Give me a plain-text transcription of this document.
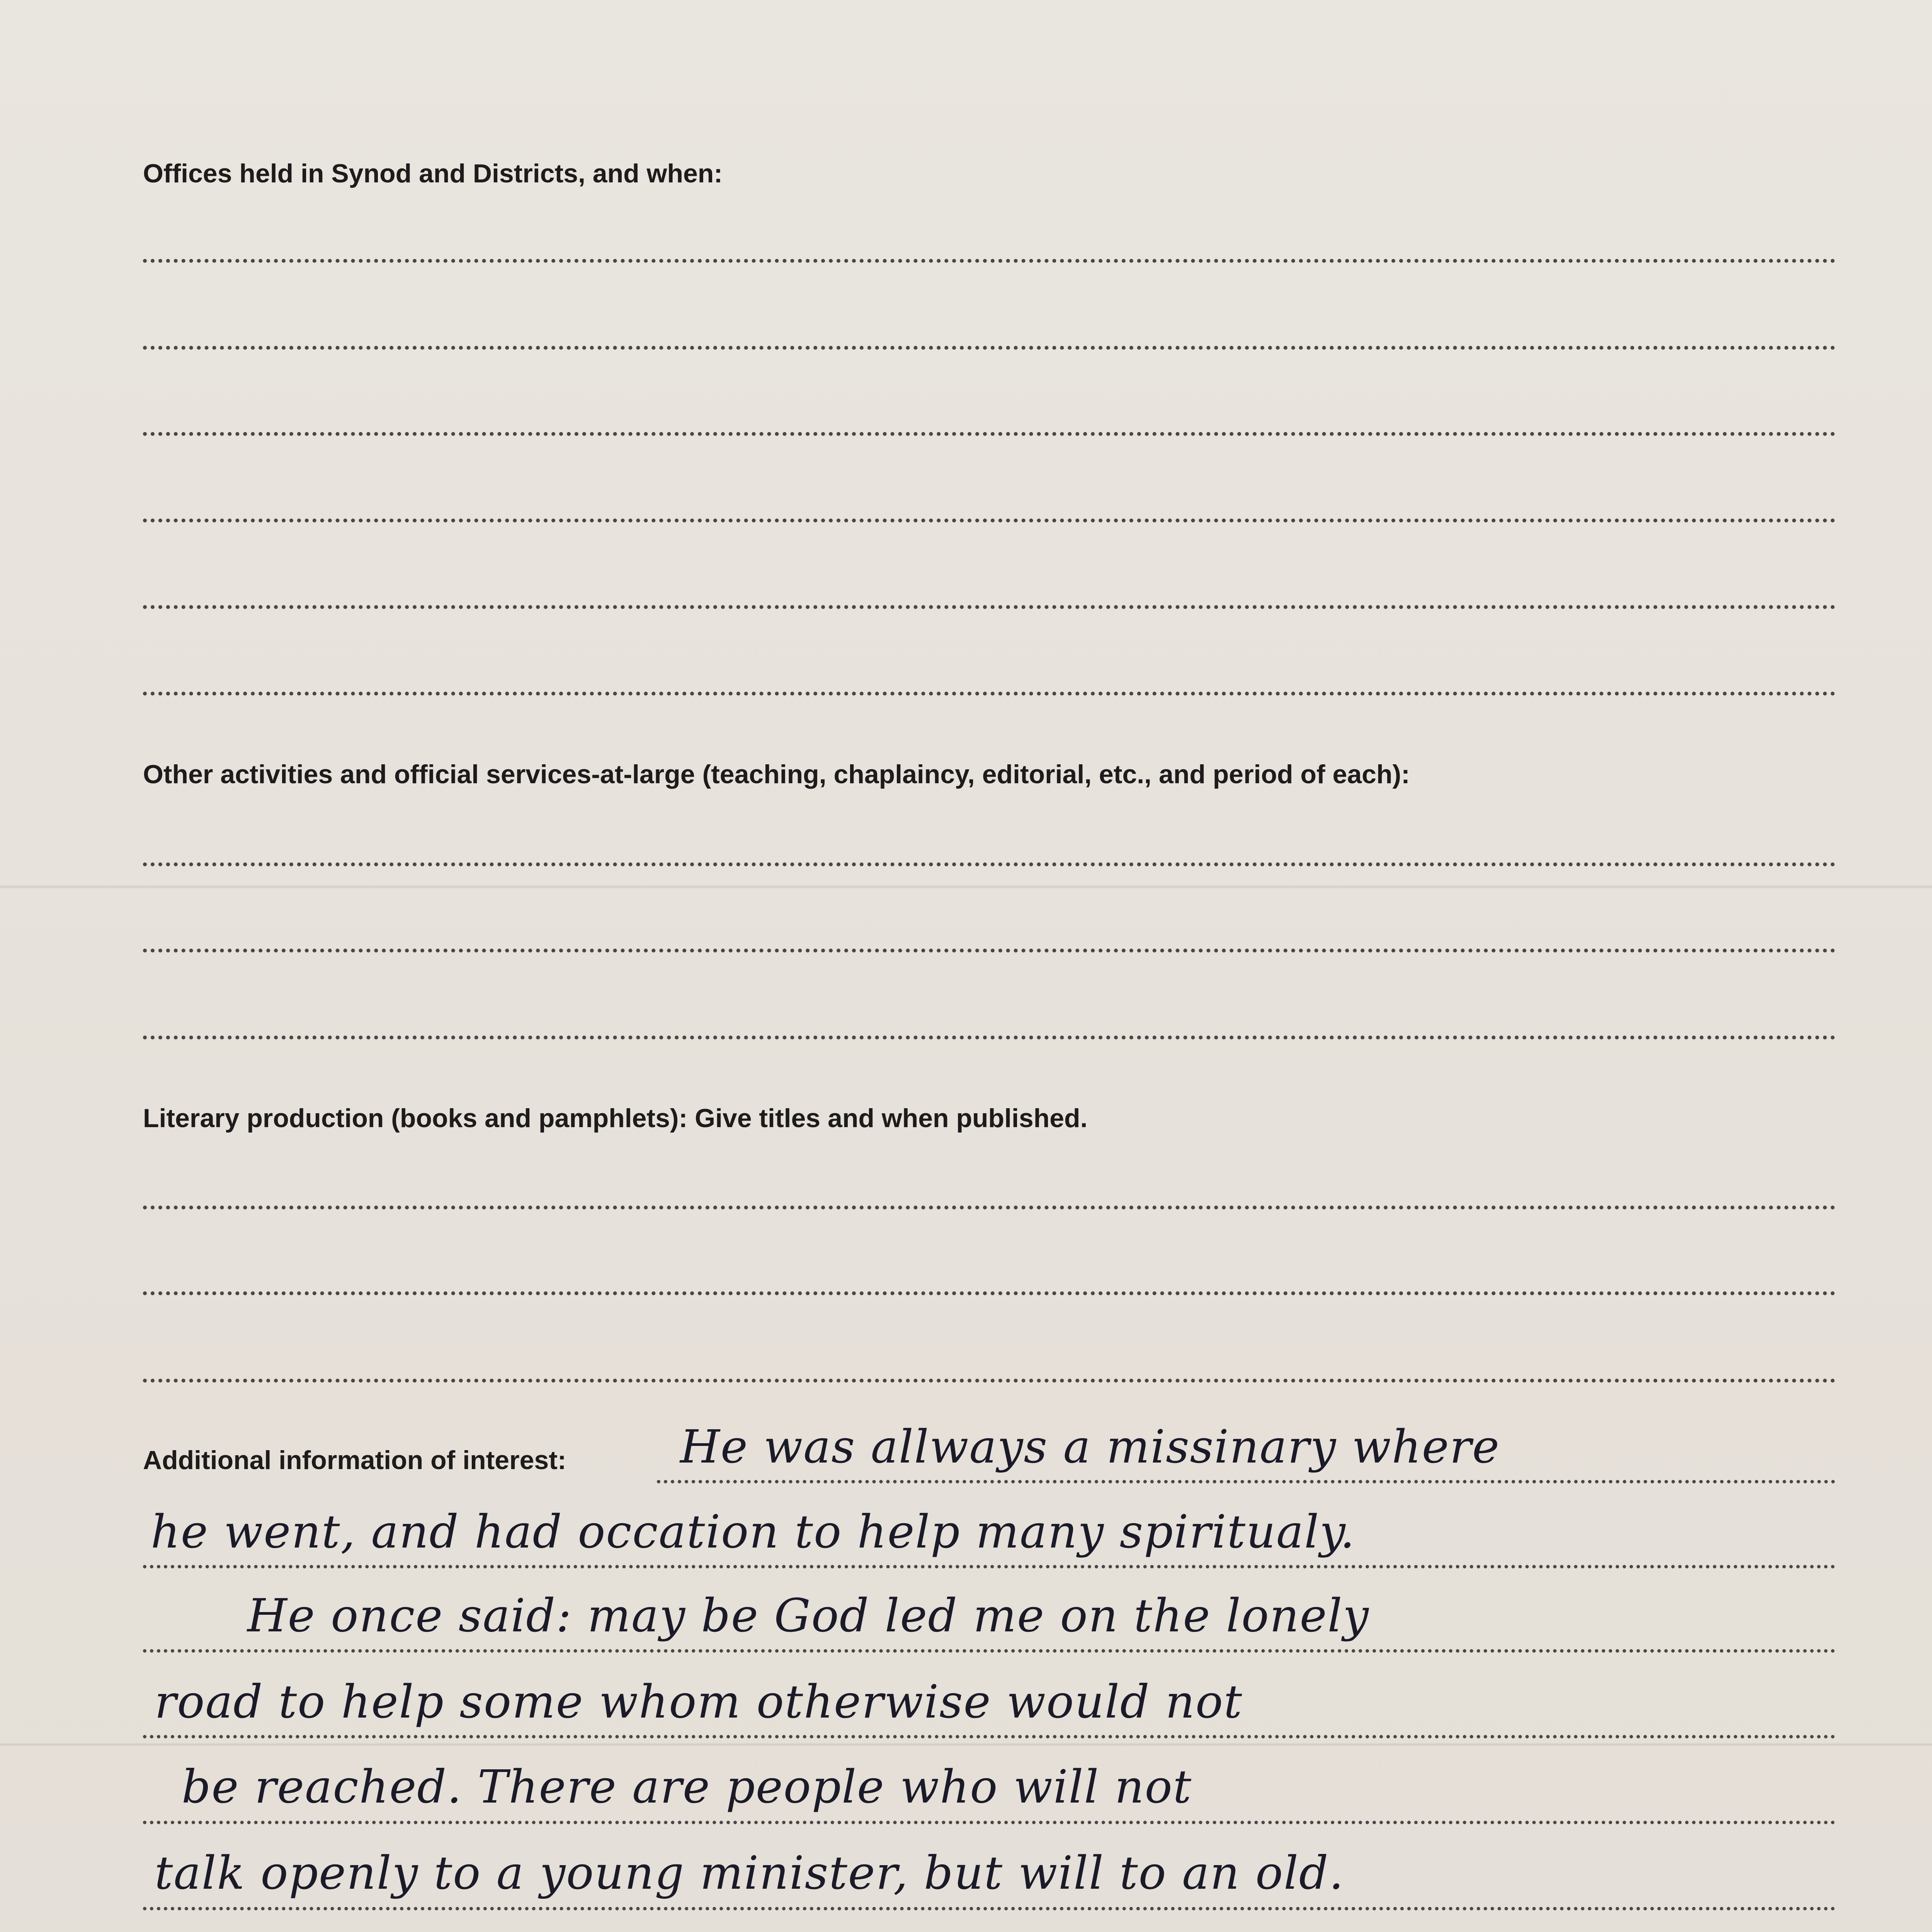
Offices held in Synod and Districts, and when:
Other activities and official services-at-large (teaching, chaplaincy, editorial, etc., and period of each):
Literary production (books and pamphlets): Give titles and when published.
Additional information of interest: He was allways a missinary where
he went, and had occation to help many spiritualy.
He once said: may be God led me on the lonely
road to help some whom otherwise would not
be reached. There are people who will not
talk openly to a young minister, but will to an old.
